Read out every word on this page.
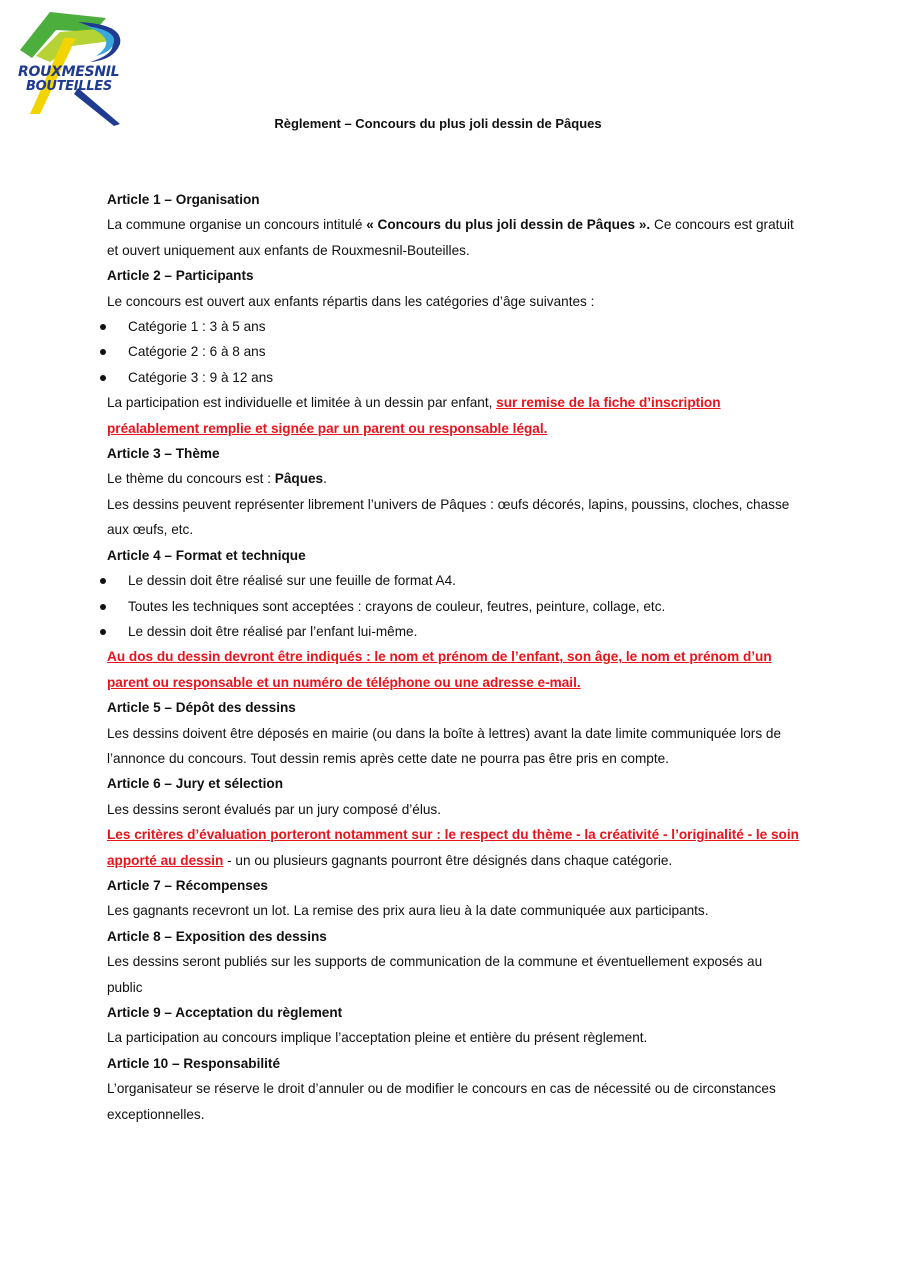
ROUXMESNIL
BOUTEILLES
Règlement – Concours du plus joli dessin de Pâques

Article 1 – Organisation

La commune organise un concours intitulé « Concours du plus joli dessin de Pâques ». Ce concours est gratuit et ouvert uniquement aux enfants de Rouxmesnil-Bouteilles.

Article 2 – Participants

Le concours est ouvert aux enfants répartis dans les catégories d’âge suivantes :

Catégorie 1 : 3 à 5 ans
Catégorie 2 : 6 à 8 ans
Catégorie 3 : 9 à 12 ans

La participation est individuelle et limitée à un dessin par enfant, sur remise de la fiche d’inscription préalablement remplie et signée par un parent ou responsable légal.

Article 3 – Thème

Le thème du concours est : Pâques.

Les dessins peuvent représenter librement l’univers de Pâques : œufs décorés, lapins, poussins, cloches, chasse aux œufs, etc.

Article 4 – Format et technique

Le dessin doit être réalisé sur une feuille de format A4.
Toutes les techniques sont acceptées : crayons de couleur, feutres, peinture, collage, etc.
Le dessin doit être réalisé par l’enfant lui-même.

Au dos du dessin devront être indiqués : le nom et prénom de l’enfant, son âge, le nom et prénom d’un parent ou responsable et un numéro de téléphone ou une adresse e-mail.

Article 5 – Dépôt des dessins

Les dessins doivent être déposés en mairie (ou dans la boîte à lettres) avant la date limite communiquée lors de l’annonce du concours. Tout dessin remis après cette date ne pourra pas être pris en compte.

Article 6 – Jury et sélection

Les dessins seront évalués par un jury composé d’élus.

Les critères d’évaluation porteront notamment sur : le respect du thème - la créativité - l’originalité - le soin apporté au dessin - un ou plusieurs gagnants pourront être désignés dans chaque catégorie.

Article 7 – Récompenses

Les gagnants recevront un lot. La remise des prix aura lieu à la date communiquée aux participants.

Article 8 – Exposition des dessins

Les dessins seront publiés sur les supports de communication de la commune et éventuellement exposés au public

Article 9 – Acceptation du règlement

La participation au concours implique l’acceptation pleine et entière du présent règlement.

Article 10 – Responsabilité

L’organisateur se réserve le droit d’annuler ou de modifier le concours en cas de nécessité ou de circonstances exceptionnelles.
